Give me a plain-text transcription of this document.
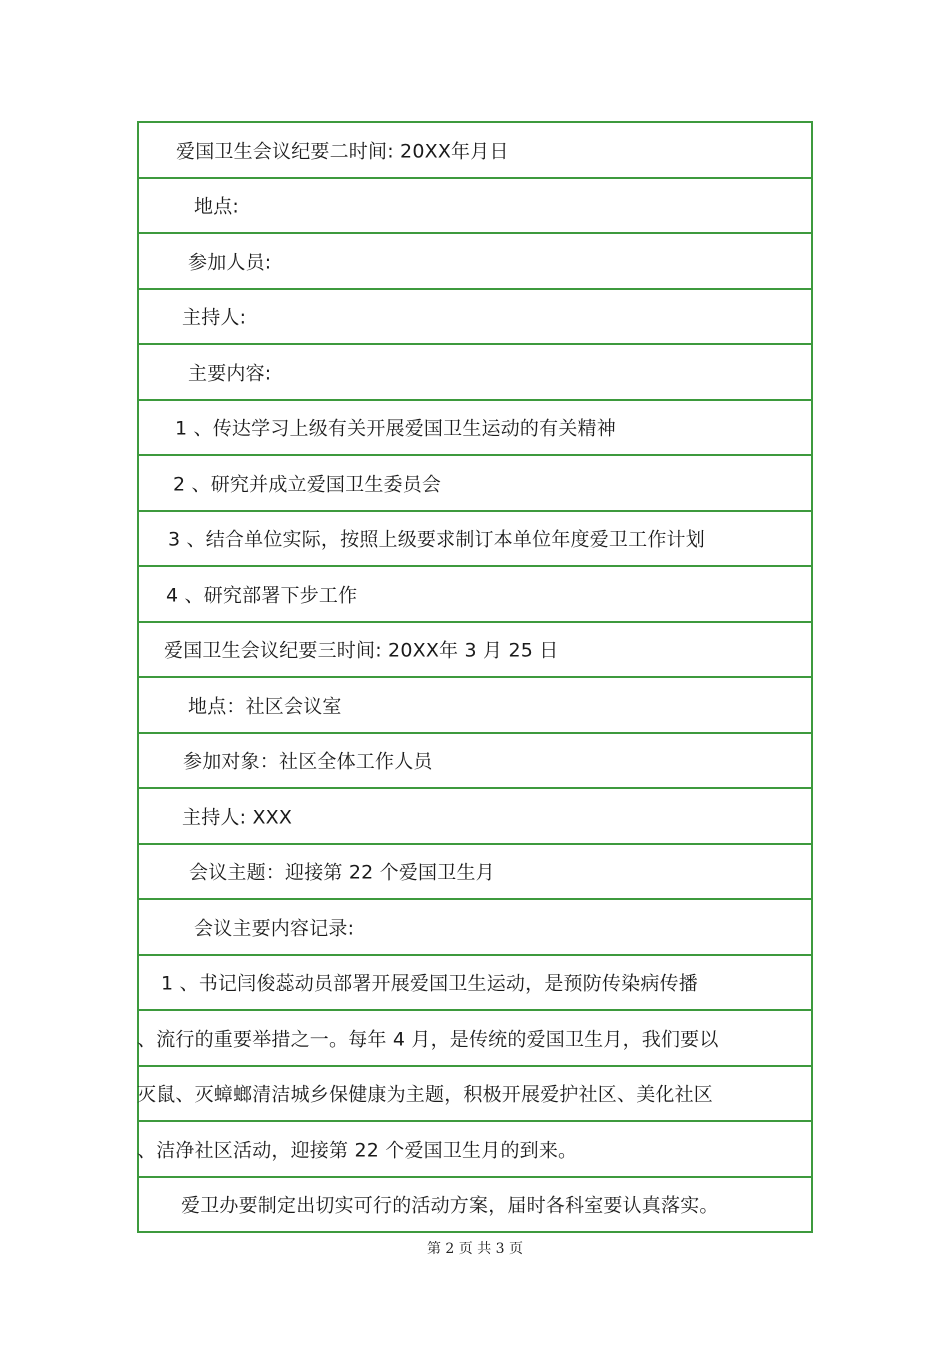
爱国卫生会议纪要二时间: 20XX年月日
地点:
参加人员:
主持人:
主要内容:
1 、传达学习上级有关开展爱国卫生运动的有关精神
2 、研究并成立爱国卫生委员会
3 、结合单位实际，按照上级要求制订本单位年度爱卫工作计划
4 、研究部署下步工作
爱国卫生会议纪要三时间: 20XX年 3 月 25 日
地点：社区会议室
参加对象：社区全体工作人员
主持人: XXX
会议主题：迎接第 22 个爱国卫生月
会议主要内容记录:
1 、书记闫俊蕊动员部署开展爱国卫生运动，是预防传染病传播
、流行的重要举措之一。每年 4 月，是传统的爱国卫生月，我们要以
灭鼠、灭蟑螂清洁城乡保健康为主题，积极开展爱护社区、美化社区
、洁净社区活动，迎接第 22 个爱国卫生月的到来。
爱卫办要制定出切实可行的活动方案，届时各科室要认真落实。
第 2 页 共 3 页
